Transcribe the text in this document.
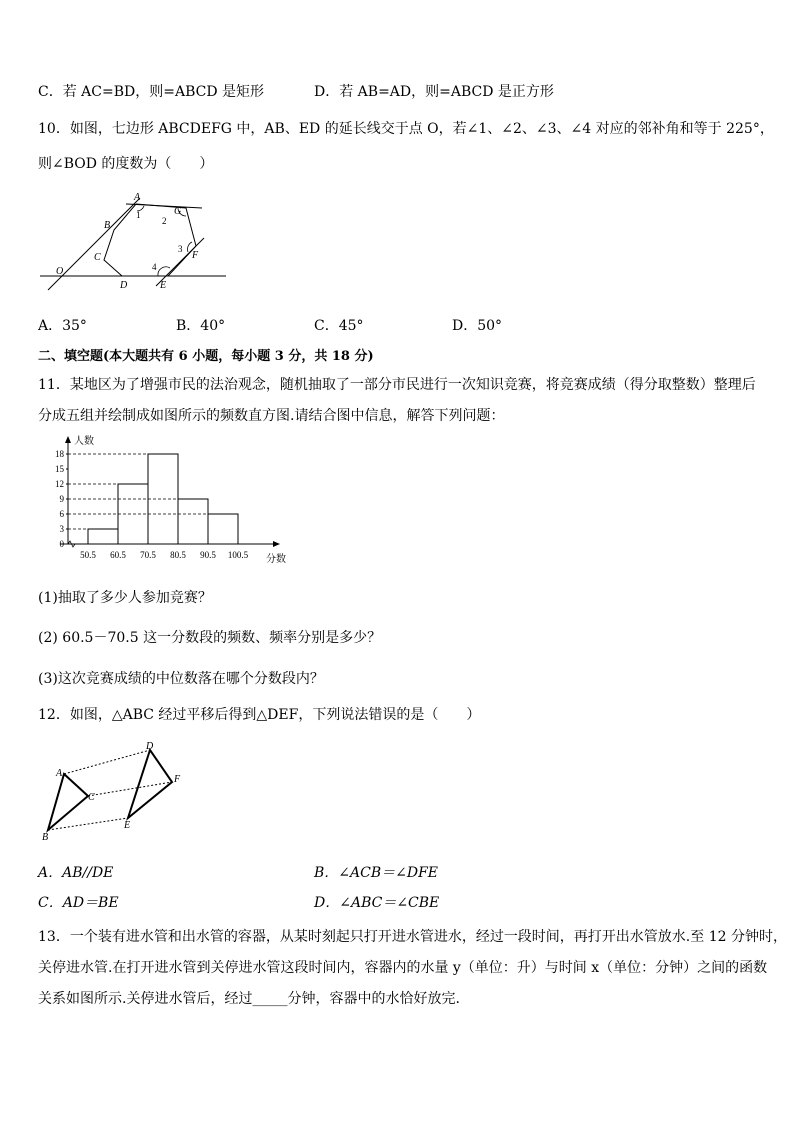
C．若 AC=BD，则=ABCD 是矩形	D．若 AB=AD，则=ABCD 是正方形
10．如图，七边形 ABCDEFG 中，AB、ED 的延长线交于点 O，若∠1、∠2、∠3、∠4 对应的邻补角和等于 225°，
则∠BOD 的度数为（　　）
A
B
C
D	E
F
G
O
1
2
3
4
A．35°	B．40°	C．45°	D．50°
二、填空题(本大题共有 6 小题，每小题 3 分，共 18 分)
11．某地区为了增强市民的法治观念，随机抽取了一部分市民进行一次知识竞赛，将竞赛成绩（得分取整数）整理后
分成五组并绘制成如图所示的频数直方图.请结合图中信息，解答下列问题：
人数
分数
0
3
6
9
12
15
18
50.5 60.5 70.5 80.5 90.5 100.5
(1)抽取了多少人参加竞赛？
(2) 60.5－70.5 这一分数段的频数、频率分别是多少？
(3)这次竞赛成绩的中位数落在哪个分数段内？
12．如图，△ABC 经过平移后得到△DEF，下列说法错误的是（　　）
A
B
C
D
E
F
A．AB//DE	B．∠ACB＝∠DFE
C．AD＝BE	D．∠ABC＝∠CBE
13．一个装有进水管和出水管的容器，从某时刻起只打开进水管进水，经过一段时间，再打开出水管放水.至 12 分钟时，
关停进水管.在打开进水管到关停进水管这段时间内，容器内的水量 y（单位：升）与时间 x（单位：分钟）之间的函数
关系如图所示.关停进水管后，经过_____分钟，容器中的水恰好放完.
